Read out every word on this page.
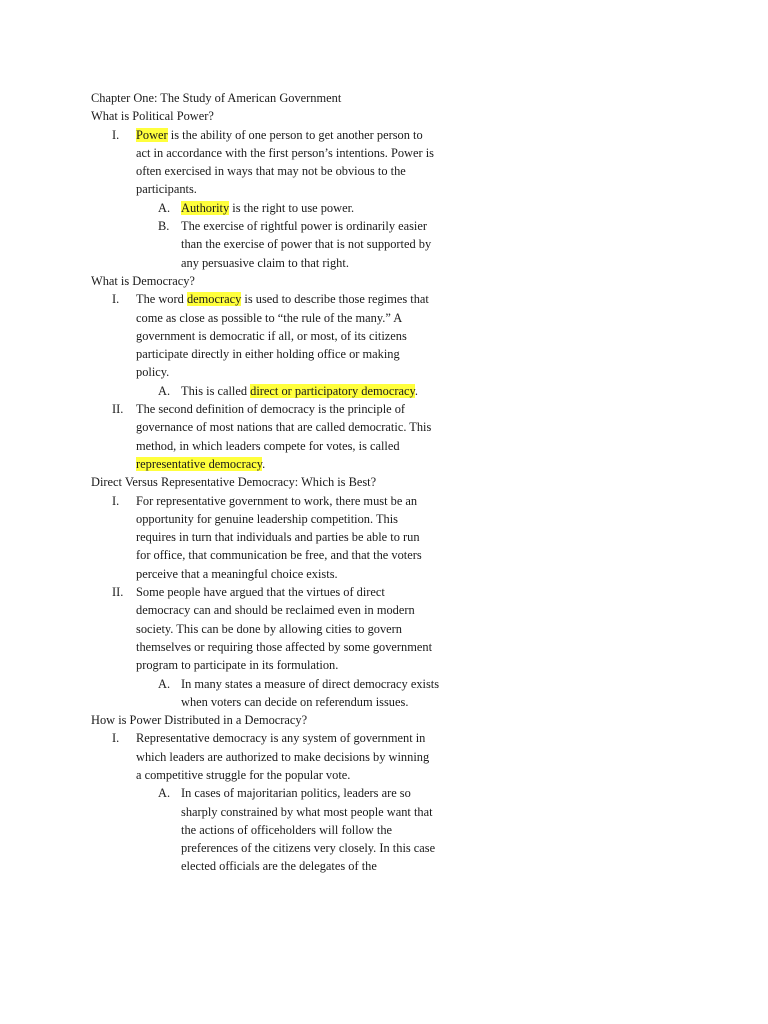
Chapter One: The Study of American Government

What is Political Power?

I. Power is the ability of one person to get another person to act in accordance with the first person’s intentions. Power is often exercised in ways that may not be obvious to the participants.

A. Authority is the right to use power.

B. The exercise of rightful power is ordinarily easier than the exercise of power that is not supported by any persuasive claim to that right.

What is Democracy?

I. The word democracy is used to describe those regimes that come as close as possible to “the rule of the many.” A government is democratic if all, or most, of its citizens participate directly in either holding office or making policy.

A. This is called direct or participatory democracy.

II. The second definition of democracy is the principle of governance of most nations that are called democratic. This method, in which leaders compete for votes, is called representative democracy.

Direct Versus Representative Democracy: Which is Best?

I. For representative government to work, there must be an opportunity for genuine leadership competition. This requires in turn that individuals and parties be able to run for office, that communication be free, and that the voters perceive that a meaningful choice exists.

II. Some people have argued that the virtues of direct democracy can and should be reclaimed even in modern society. This can be done by allowing cities to govern themselves or requiring those affected by some government program to participate in its formulation.

A. In many states a measure of direct democracy exists when voters can decide on referendum issues.

How is Power Distributed in a Democracy?

I. Representative democracy is any system of government in which leaders are authorized to make decisions by winning a competitive struggle for the popular vote.

A. In cases of majoritarian politics, leaders are so sharply constrained by what most people want that the actions of officeholders will follow the preferences of the citizens very closely. In this case elected officials are the delegates of the
